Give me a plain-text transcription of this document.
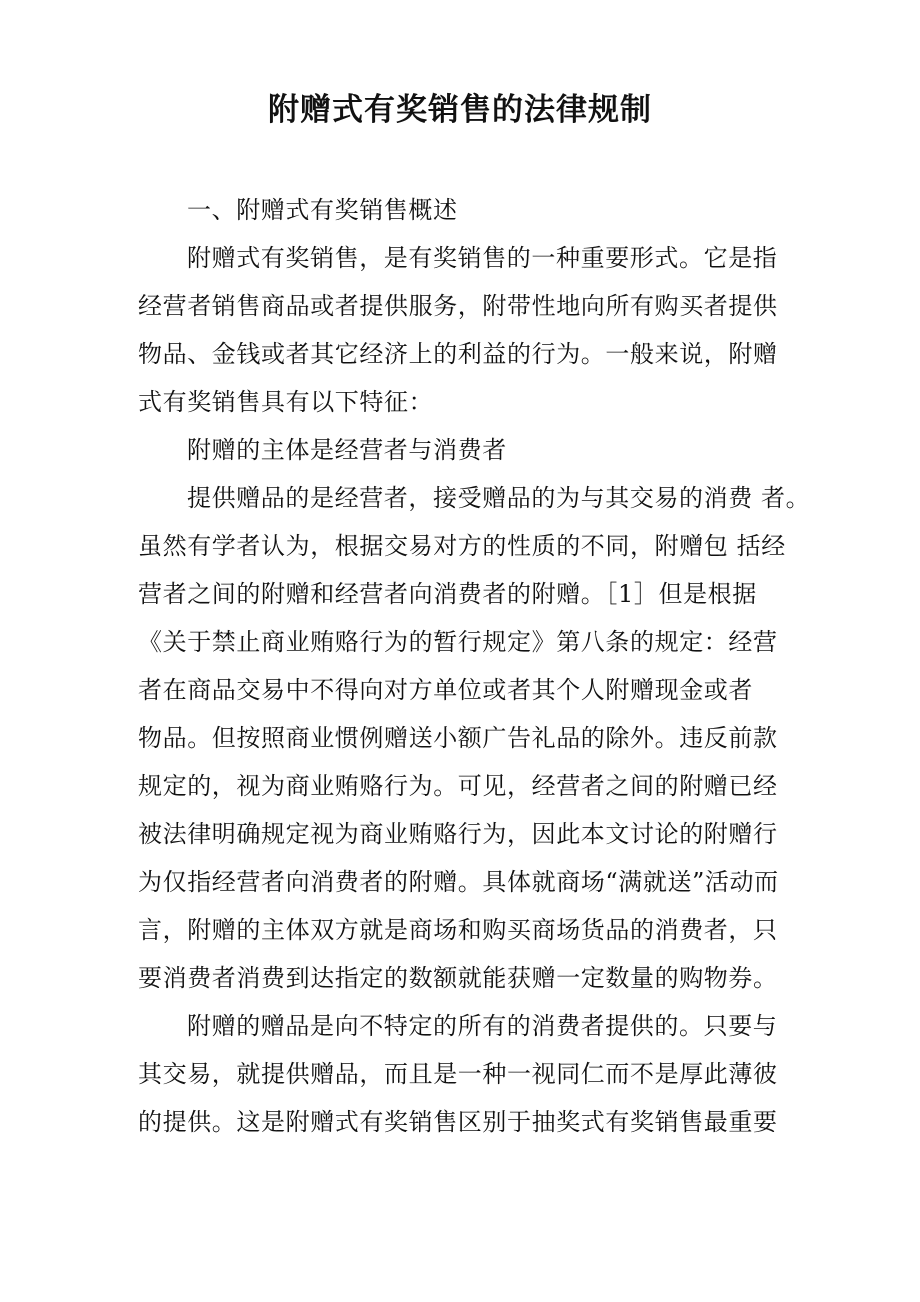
附赠式有奖销售的法律规制

一、附赠式有奖销售概述

附赠式有奖销售，是有奖销售的一种重要形式。它是指

经营者销售商品或者提供服务，附带性地向所有购买者提供

物品、金钱或者其它经济上的利益的行为。一般来说，附赠

式有奖销售具有以下特征：

附赠的主体是经营者与消费者

提供赠品的是经营者，接受赠品的为与其交易的消费 者。

虽然有学者认为，根据交易对方的性质的不同，附赠包 括经

营者之间的附赠和经营者向消费者的附赠。［1］但是根据

《关于禁止商业贿赂行为的暂行规定》第八条的规定：经营

者在商品交易中不得向对方单位或者其个人附赠现金或者

物品。但按照商业惯例赠送小额广告礼品的除外。违反前款

规定的，视为商业贿赂行为。可见，经营者之间的附赠已经

被法律明确规定视为商业贿赂行为，因此本文讨论的附赠行

为仅指经营者向消费者的附赠。具体就商场“满就送”活动而

言，附赠的主体双方就是商场和购买商场货品的消费者，只

要消费者消费到达指定的数额就能获赠一定数量的购物券。

附赠的赠品是向不特定的所有的消费者提供的。只要与

其交易，就提供赠品，而且是一种一视同仁而不是厚此薄彼

的提供。这是附赠式有奖销售区别于抽奖式有奖销售最重要
